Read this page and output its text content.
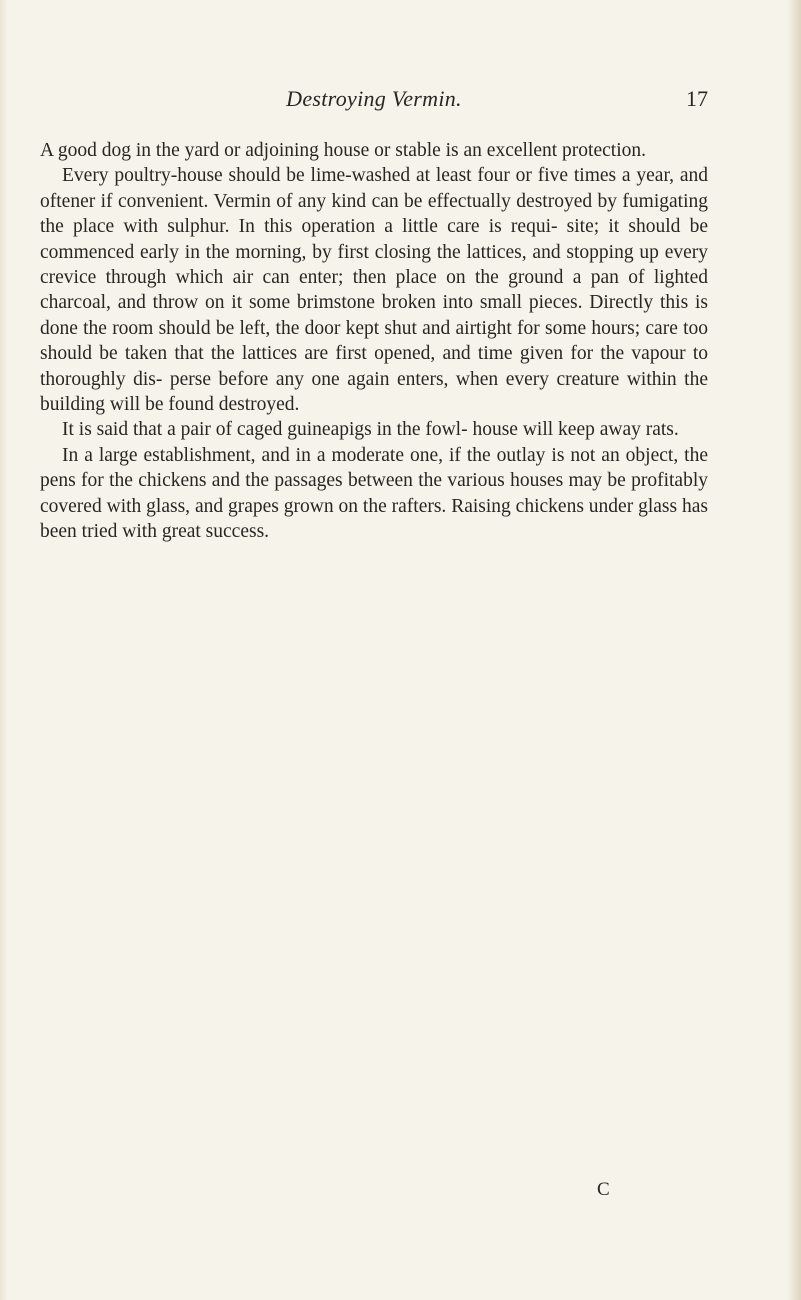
Destroying Vermin.	17

A good dog in the yard or adjoining house or stable is an excellent protection.

Every poultry-house should be lime-washed at least four or five times a year, and oftener if convenient. Vermin of any kind can be effectually destroyed by fumigating the place with sulphur. In this operation a little care is requi- site; it should be commenced early in the morning, by first closing the lattices, and stopping up every crevice through which air can enter; then place on the ground a pan of lighted charcoal, and throw on it some brimstone broken into small pieces. Directly this is done the room should be left, the door kept shut and airtight for some hours; care too should be taken that the lattices are first opened, and time given for the vapour to thoroughly dis- perse before any one again enters, when every creature within the building will be found destroyed.

It is said that a pair of caged guineapigs in the fowl- house will keep away rats.

In a large establishment, and in a moderate one, if the outlay is not an object, the pens for the chickens and the passages between the various houses may be profitably covered with glass, and grapes grown on the rafters. Raising chickens under glass has been tried with great success.

C
